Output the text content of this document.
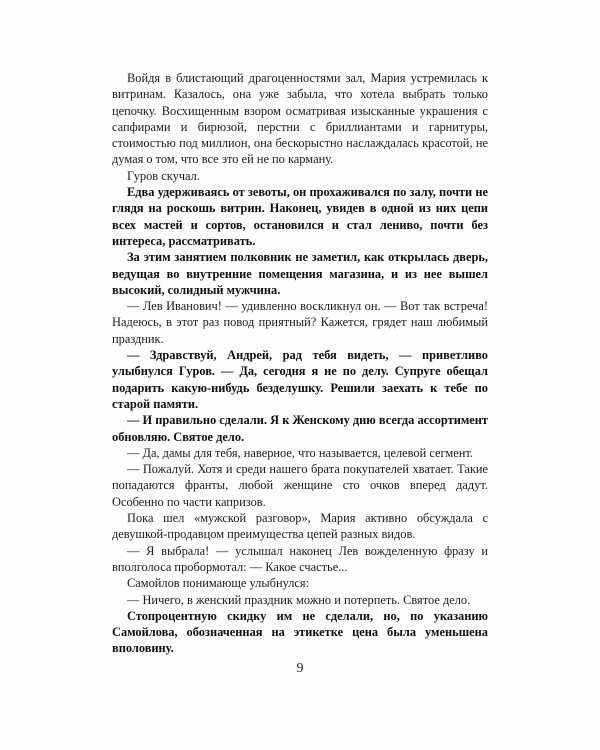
Войдя в блистающий драгоценностями зал, Мария устремилась к витринам. Казалось, она уже забыла, что хотела выбрать только цепочку. Восхищенным взором осматривая изысканные украшения с сапфирами и бирюзой, перстни с бриллиантами и гарнитуры, стоимостью под миллион, она бескорыстно наслаждалась красотой, не думая о том, что все это ей не по карману.

Гуров скучал.

Едва удерживаясь от зевоты, он прохаживался по залу, почти не глядя на роскошь витрин. Наконец, увидев в одной из них цепи всех мастей и сортов, остановился и стал лениво, почти без интереса, рассматривать.

За этим занятием полковник не заметил, как открылась дверь, ведущая во внутренние помещения магазина, и из нее вышел высокий, солидный мужчина.

— Лев Иванович! — удивленно воскликнул он. — Вот так встреча! Надеюсь, в этот раз повод приятный? Кажется, грядет наш любимый праздник.

— Здравствуй, Андрей, рад тебя видеть, — приветливо улыбнулся Гуров. — Да, сегодня я не по делу. Супруге обещал подарить какую-нибудь безделушку. Решили заехать к тебе по старой памяти.

— И правильно сделали. Я к Женскому дню всегда ассортимент обновляю. Святое дело.

— Да, дамы для тебя, наверное, что называется, целевой сегмент.

— Пожалуй. Хотя и среди нашего брата покупателей хватает. Такие попадаются франты, любой женщине сто очков вперед дадут. Особенно по части капризов.

Пока шел «мужской разговор», Мария активно обсуждала с девушкой-продавцом преимущества цепей разных видов.

— Я выбрала! — услышал наконец Лев вожделенную фразу и вполголоса пробормотал: — Какое счастье...

Самойлов понимающе улыбнулся:

— Ничего, в женский праздник можно и потерпеть. Святое дело.

Стопроцентную скидку им не сделали, но, по указанию Самойлова, обозначенная на этикетке цена была уменьшена вполовину.

9
